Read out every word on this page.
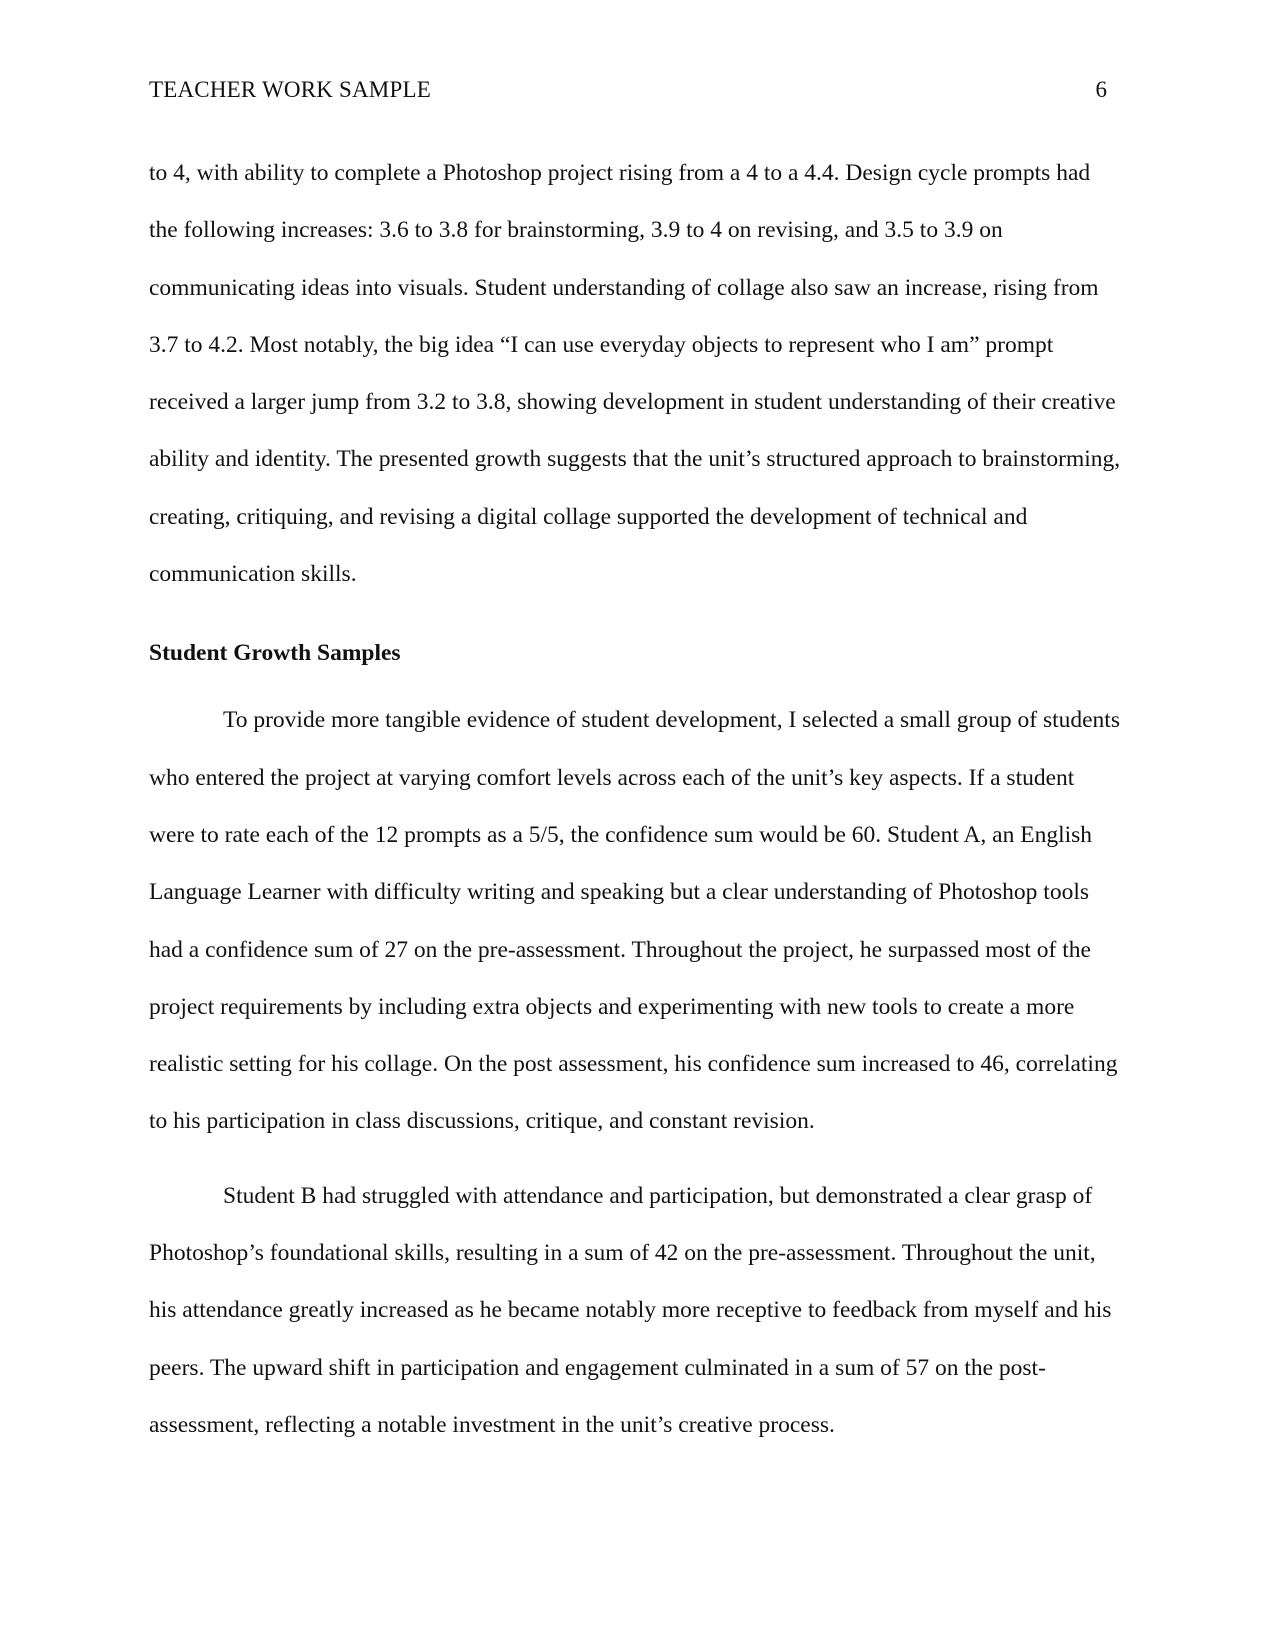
TEACHER WORK SAMPLE	6

to 4, with ability to complete a Photoshop project rising from a 4 to a 4.4. Design cycle prompts had the following increases: 3.6 to 3.8 for brainstorming, 3.9 to 4 on revising, and 3.5 to 3.9 on communicating ideas into visuals. Student understanding of collage also saw an increase, rising from 3.7 to 4.2. Most notably, the big idea “I can use everyday objects to represent who I am” prompt received a larger jump from 3.2 to 3.8, showing development in student understanding of their creative ability and identity. The presented growth suggests that the unit’s structured approach to brainstorming, creating, critiquing, and revising a digital collage supported the development of technical and communication skills.

Student Growth Samples

To provide more tangible evidence of student development, I selected a small group of students who entered the project at varying comfort levels across each of the unit’s key aspects. If a student were to rate each of the 12 prompts as a 5/5, the confidence sum would be 60. Student A, an English Language Learner with difficulty writing and speaking but a clear understanding of Photoshop tools had a confidence sum of 27 on the pre-assessment. Throughout the project, he surpassed most of the project requirements by including extra objects and experimenting with new tools to create a more realistic setting for his collage. On the post assessment, his confidence sum increased to 46, correlating to his participation in class discussions, critique, and constant revision.

Student B had struggled with attendance and participation, but demonstrated a clear grasp of Photoshop’s foundational skills, resulting in a sum of 42 on the pre-assessment. Throughout the unit, his attendance greatly increased as he became notably more receptive to feedback from myself and his peers. The upward shift in participation and engagement culminated in a sum of 57 on the post-assessment, reflecting a notable investment in the unit’s creative process.
